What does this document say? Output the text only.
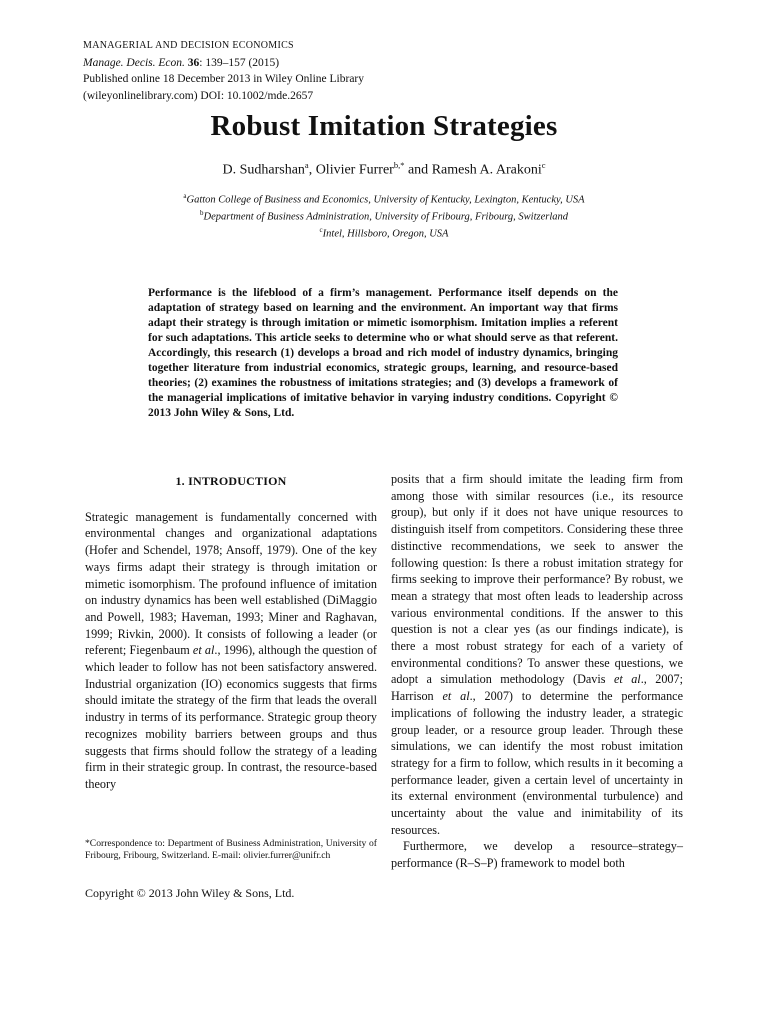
MANAGERIAL AND DECISION ECONOMICS
Manage. Decis. Econ. 36: 139–157 (2015)
Published online 18 December 2013 in Wiley Online Library
(wileyonlinelibrary.com) DOI: 10.1002/mde.2657
Robust Imitation Strategies
D. Sudharshan$^a$, Olivier Furrer$^{b,*}$ and Ramesh A. Arakoni$^c$
$^a$Gatton College of Business and Economics, University of Kentucky, Lexington, Kentucky, USA
$^b$Department of Business Administration, University of Fribourg, Fribourg, Switzerland
$^c$Intel, Hillsboro, Oregon, USA
Performance is the lifeblood of a firm’s management. Performance itself depends on the adaptation of strategy based on learning and the environment. An important way that firms adapt their strategy is through imitation or mimetic isomorphism. Imitation implies a referent for such adaptations. This article seeks to determine who or what should serve as that referent. Accordingly, this research (1) develops a broad and rich model of industry dynamics, bringing together literature from industrial economics, strategic groups, learning, and resource-based theories; (2) examines the robustness of imitations strategies; and (3) develops a framework of the managerial implications of imitative behavior in varying industry conditions. Copyright © 2013 John Wiley & Sons, Ltd.
1. INTRODUCTION

Strategic management is fundamentally concerned with environmental changes and organizational adaptations (Hofer and Schendel, 1978; Ansoff, 1979). One of the key ways firms adapt their strategy is through imitation or mimetic isomorphism. The profound influence of imitation on industry dynamics has been well established (DiMaggio and Powell, 1983; Haveman, 1993; Miner and Raghavan, 1999; Rivkin, 2000). It consists of following a leader (or referent; Fiegenbaum et al., 1996), although the question of which leader to follow has not been satisfactory answered. Industrial organization (IO) economics suggests that firms should imitate the strategy of the firm that leads the overall industry in terms of its performance. Strategic group theory recognizes mobility barriers between groups and thus suggests that firms should follow the strategy of a leading firm in their strategic group. In contrast, the resource-based theory

posits that a firm should imitate the leading firm from among those with similar resources (i.e., its resource group), but only if it does not have unique resources to distinguish itself from competitors. Considering these three distinctive recommendations, we seek to answer the following question: Is there a robust imitation strategy for firms seeking to improve their performance? By robust, we mean a strategy that most often leads to leadership across various environmental conditions. If the answer to this question is not a clear yes (as our findings indicate), is there a most robust strategy for each of a variety of environmental conditions? To answer these questions, we adopt a simulation methodology (Davis et al., 2007; Harrison et al., 2007) to determine the performance implications of following the industry leader, a strategic group leader, or a resource group leader. Through these simulations, we can identify the most robust imitation strategy for a firm to follow, which results in it becoming a performance leader, given a certain level of uncertainty in its external environment (environmental turbulence) and uncertainty about the value and inimitability of its resources.

Furthermore, we develop a resource–strategy–performance (R–S–P) framework to model both

*Correspondence to: Department of Business Administration, University of Fribourg, Fribourg, Switzerland. E-mail: olivier.furrer@unifr.ch
Copyright © 2013 John Wiley & Sons, Ltd.
